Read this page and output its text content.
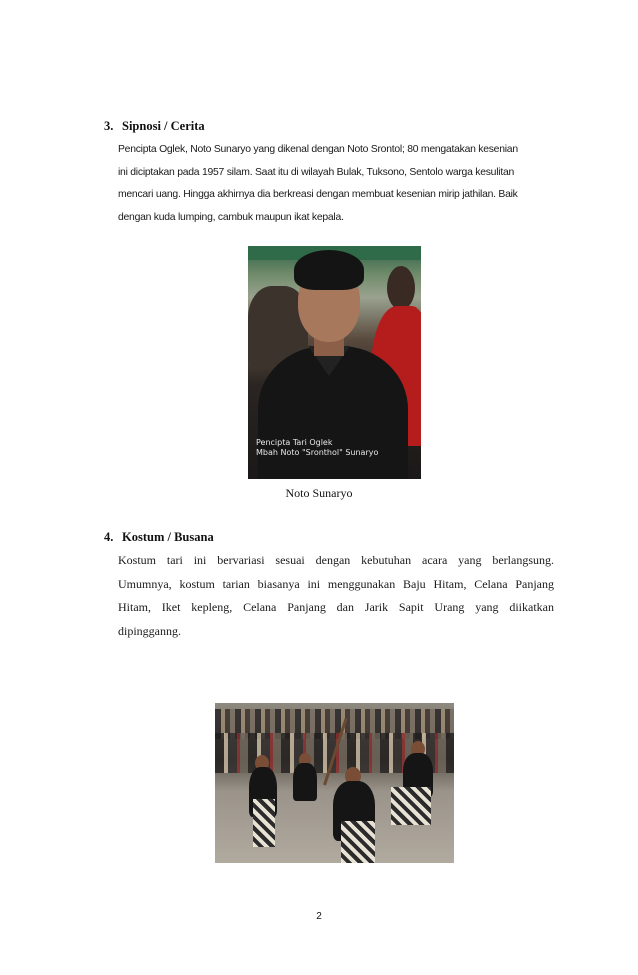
3. Sipnosi / Cerita
Pencipta Oglek, Noto Sunaryo yang dikenal dengan Noto Srontol; 80 mengatakan kesenian
ini diciptakan pada 1957 silam. Saat itu di wilayah Bulak, Tuksono, Sentolo warga kesulitan
mencari uang. Hingga akhirnya dia berkreasi dengan membuat kesenian mirip jathilan. Baik
dengan kuda lumping, cambuk maupun ikat kepala.
Pencipta Tari Oglek
Mbah Noto "Sronthol" Sunaryo
Noto Sunaryo
4. Kostum / Busana
Kostum tari ini bervariasi sesuai dengan kebutuhan acara yang berlangsung.
Umumnya, kostum tarian biasanya ini menggunakan Baju Hitam, Celana Panjang
Hitam, Iket kepleng, Celana Panjang dan Jarik Sapit Urang yang diikatkan
dipingganng.
2
